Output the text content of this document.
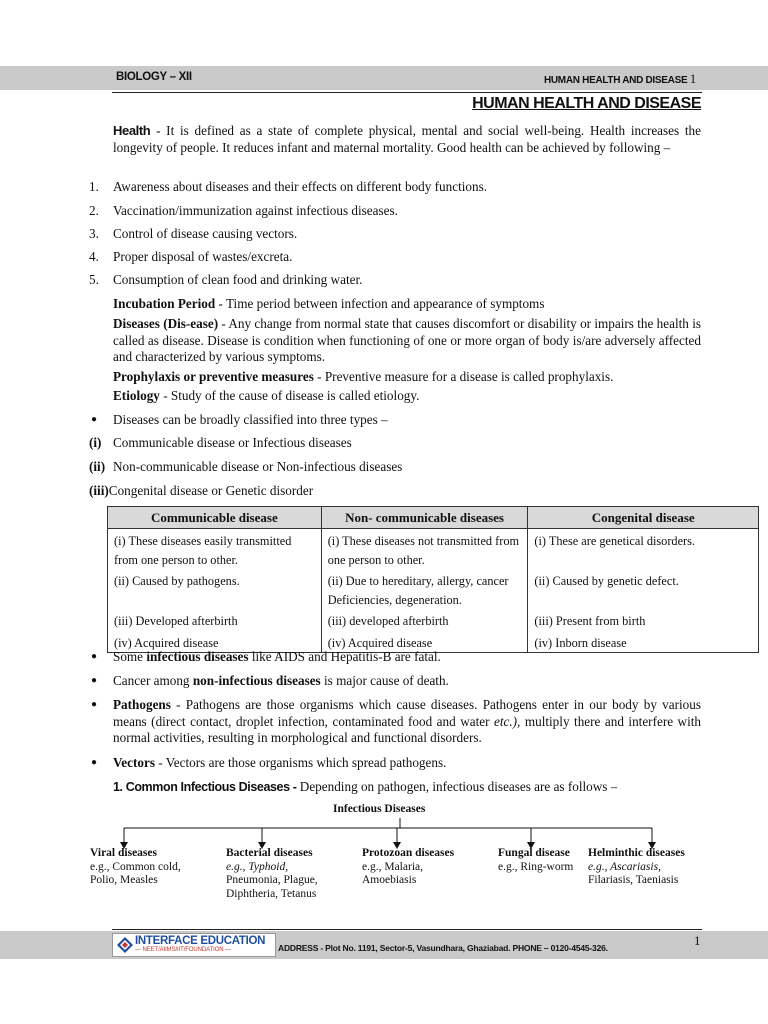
BIOLOGY – XII	HUMAN HEALTH AND DISEASE 1
HUMAN HEALTH AND DISEASE
Health - It is defined as a state of complete physical, mental and social well-being. Health increases the longevity of people. It reduces infant and maternal mortality. Good health can be achieved by following –
1. Awareness about diseases and their effects on different body functions.
2. Vaccination/immunization against infectious diseases.
3. Control of disease causing vectors.
4. Proper disposal of wastes/excreta.
5. Consumption of clean food and drinking water.
Incubation Period - Time period between infection and appearance of symptoms
Diseases (Dis-ease) - Any change from normal state that causes discomfort or disability or impairs the health is called as disease. Disease is condition when functioning of one or more organ of body is/are adversely affected and characterized by various symptoms.
Prophylaxis or preventive measures - Preventive measure for a disease is called prophylaxis.
Etiology - Study of the cause of disease is called etiology.
● Diseases can be broadly classified into three types –
(i) Communicable disease or Infectious diseases
(ii) Non-communicable disease or Non-infectious diseases
(iii)Congenital disease or Genetic disorder
Communicable disease	Non- communicable diseases	Congenital disease
(i) These diseases easily transmitted from one person to other.	(i) These diseases not transmitted from one person to other.	(i) These are genetical disorders.
(ii) Caused by pathogens.	(ii) Due to hereditary, allergy, cancer Deficiencies, degeneration.	(ii) Caused by genetic defect.
(iii) Developed afterbirth	(iii) developed afterbirth	(iii) Present from birth
(iv) Acquired disease	(iv) Acquired disease	(iv) Inborn disease
● Some infectious diseases like AIDS and Hepatitis-B are fatal.
● Cancer among non-infectious diseases is major cause of death.
● Pathogens - Pathogens are those organisms which cause diseases. Pathogens enter in our body by various means (direct contact, droplet infection, contaminated food and water etc.), multiply there and interfere with normal activities, resulting in morphological and functional disorders.
● Vectors - Vectors are those organisms which spread pathogens.
1. Common Infectious Diseases - Depending on pathogen, infectious diseases are as follows –
Infectious Diseases
Viral diseases
e.g., Common cold,
Polio, Measles
Bacterial diseases
e.g., Typhoid,
Pneumonia, Plague, Diphtheria, Tetanus
Protozoan diseases
e.g., Malaria,
Amoebiasis
Fungal disease
e.g., Ring-worm
Helminthic diseases
e.g., Ascariasis,
Filariasis, Taeniasis
INTERFACE EDUCATION
— NEET/AIIMS/IIT/FOUNDATION —	ADDRESS - Plot No. 1191, Sector-5, Vasundhara, Ghaziabad. PHONE – 0120-4545-326.	1
